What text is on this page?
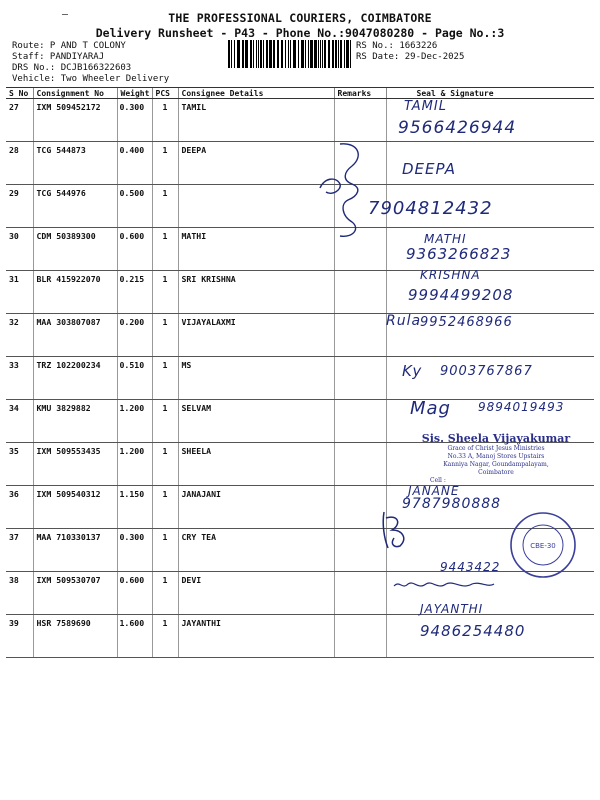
THE PROFESSIONAL COURIERS, COIMBATORE
Delivery Runsheet - P43 - Phone No.:9047080280 - Page No.:3
Route: P AND T COLONY
Staff: PANDIYARAJ
DRS No.: DCJB166322603
Vehicle: Two Wheeler Delivery
RS No.: 1663226
RS Date: 29-Dec-2025
S No	Consignment No	Weight	PCS	Consignee Details	Remarks	Seal & Signature
27	IXM 509452172	0.300	1	TAMIL		
28	TCG 544873	0.400	1	DEEPA		
29	TCG 544976	0.500	1			
30	CDM 50389300	0.600	1	MATHI		
31	BLR 415922070	0.215	1	SRI KRISHNA		
32	MAA 303807087	0.200	1	VIJAYALAXMI		
33	TRZ 102200234	0.510	1	MS		
34	KMU 3829882	1.200	1	SELVAM		
35	IXM 509553435	1.200	1	SHEELA		
36	IXM 509540312	1.150	1	JANAJANI		
37	MAA 710330137	0.300	1	CRY TEA		
38	IXM 509530707	0.600	1	DEVI		
39	HSR 7589690	1.600	1	JAYANTHI		
TAMIL
9566426944
DEEPA
7904812432
MATHI
9363266823
KRISHNA
9994499208
Rula
9952468966
Ky 9003767867
Mag 9894019493
JANANE
9787980888
9443422
JAYANTHI
9486254480
Sis. Sheela Vijayakumar
Grace of Christ Jesus Ministries
No.33 A, Manoj Stores Upstairs
Kanniya Nagar, Goundampalayam,
Coimbatore
Cell :
CBE-30
